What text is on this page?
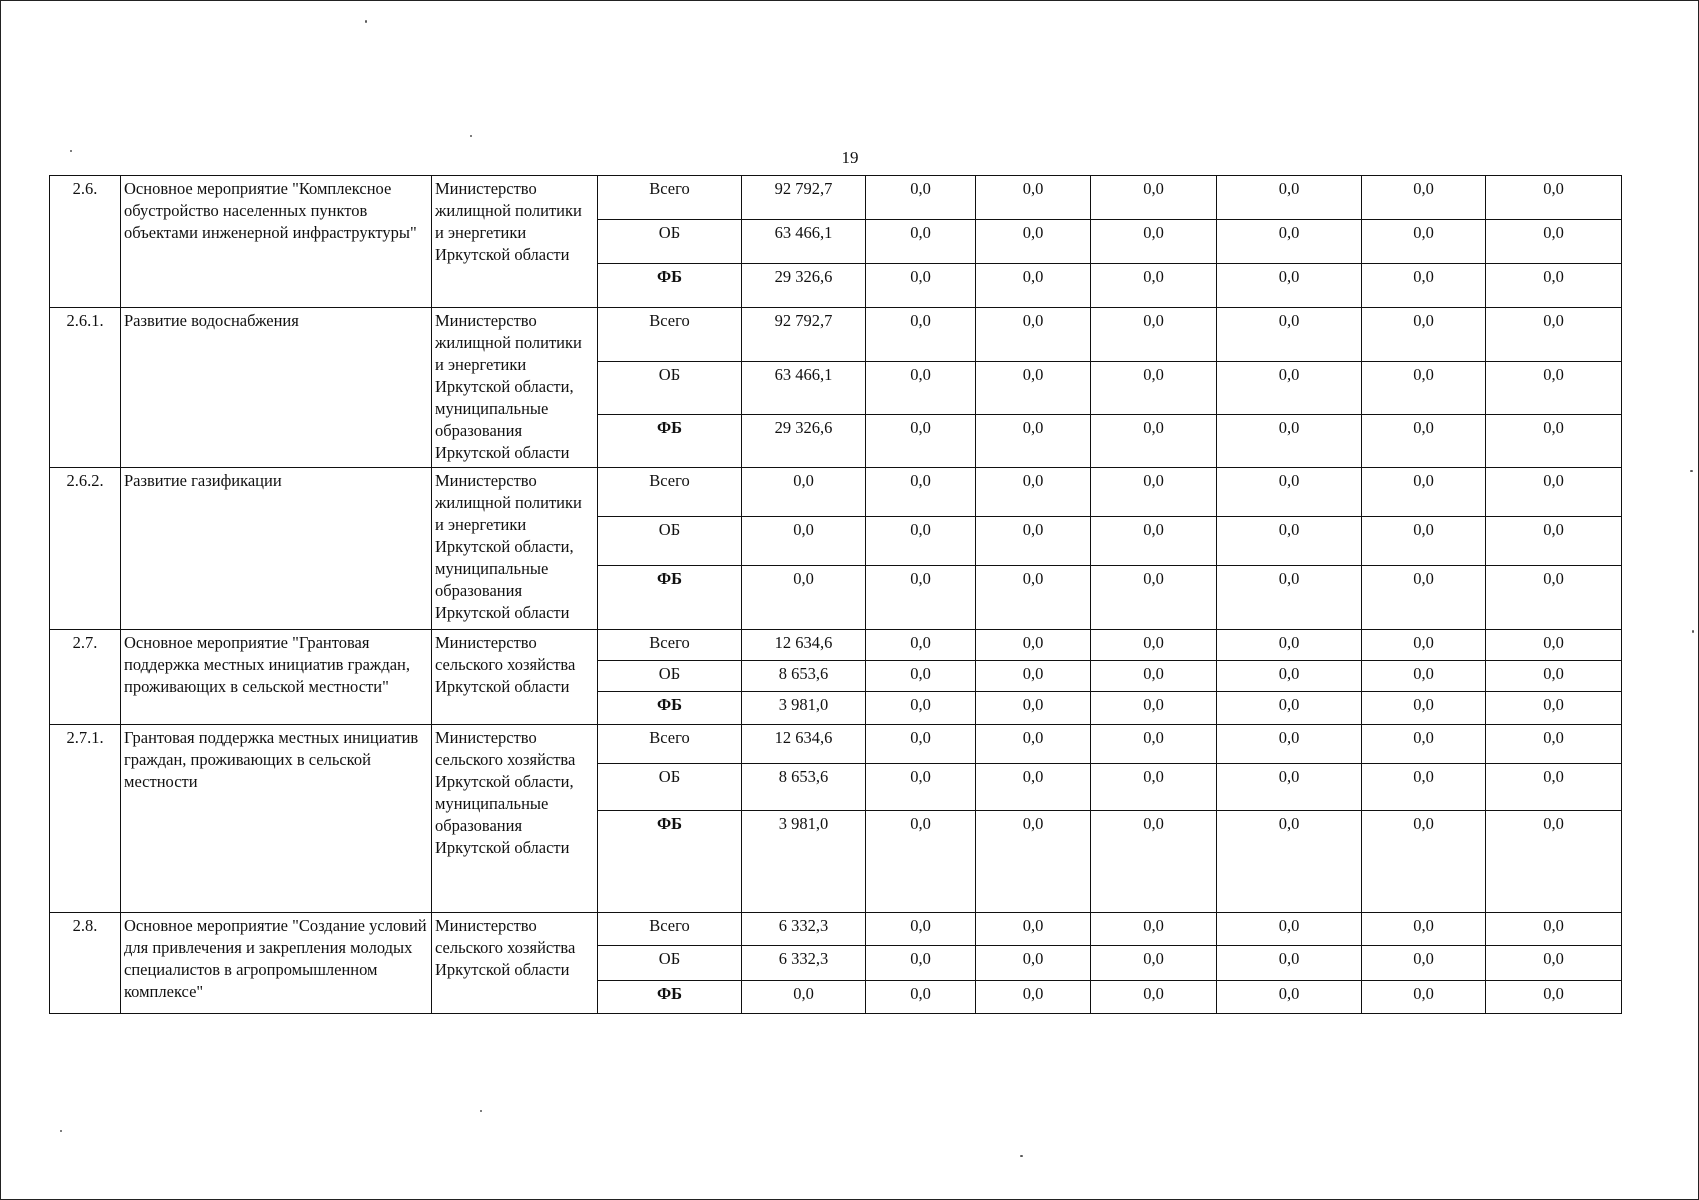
19
2.6.	Основное мероприятие "Комплексное обустройство населенных пунктов объектами инженерной инфраструктуры"	Министерство жилищной политики и энергетики Иркутской области	Всего	92 792,7	0,0	0,0	0,0	0,0	0,0	0,0
			ОБ	63 466,1	0,0	0,0	0,0	0,0	0,0	0,0
			ФБ	29 326,6	0,0	0,0	0,0	0,0	0,0	0,0
2.6.1.	Развитие водоснабжения	Министерство жилищной политики и энергетики Иркутской области, муниципальные образования Иркутской области	Всего	92 792,7	0,0	0,0	0,0	0,0	0,0	0,0
			ОБ	63 466,1	0,0	0,0	0,0	0,0	0,0	0,0
			ФБ	29 326,6	0,0	0,0	0,0	0,0	0,0	0,0
2.6.2.	Развитие газификации	Министерство жилищной политики и энергетики Иркутской области, муниципальные образования Иркутской области	Всего	0,0	0,0	0,0	0,0	0,0	0,0	0,0
			ОБ	0,0	0,0	0,0	0,0	0,0	0,0	0,0
			ФБ	0,0	0,0	0,0	0,0	0,0	0,0	0,0
2.7.	Основное мероприятие "Грантовая поддержка местных инициатив граждан, проживающих в сельской местности"	Министерство сельского хозяйства Иркутской области	Всего	12 634,6	0,0	0,0	0,0	0,0	0,0	0,0
			ОБ	8 653,6	0,0	0,0	0,0	0,0	0,0	0,0
			ФБ	3 981,0	0,0	0,0	0,0	0,0	0,0	0,0
2.7.1.	Грантовая поддержка местных инициатив граждан, проживающих в сельской местности	Министерство сельского хозяйства Иркутской области, муниципальные образования Иркутской области	Всего	12 634,6	0,0	0,0	0,0	0,0	0,0	0,0
			ОБ	8 653,6	0,0	0,0	0,0	0,0	0,0	0,0
			ФБ	3 981,0	0,0	0,0	0,0	0,0	0,0	0,0
2.8.	Основное мероприятие "Создание условий для привлечения и закрепления молодых специалистов в агропромышленном комплексе"	Министерство сельского хозяйства Иркутской области	Всего	6 332,3	0,0	0,0	0,0	0,0	0,0	0,0
			ОБ	6 332,3	0,0	0,0	0,0	0,0	0,0	0,0
			ФБ	0,0	0,0	0,0	0,0	0,0	0,0	0,0
